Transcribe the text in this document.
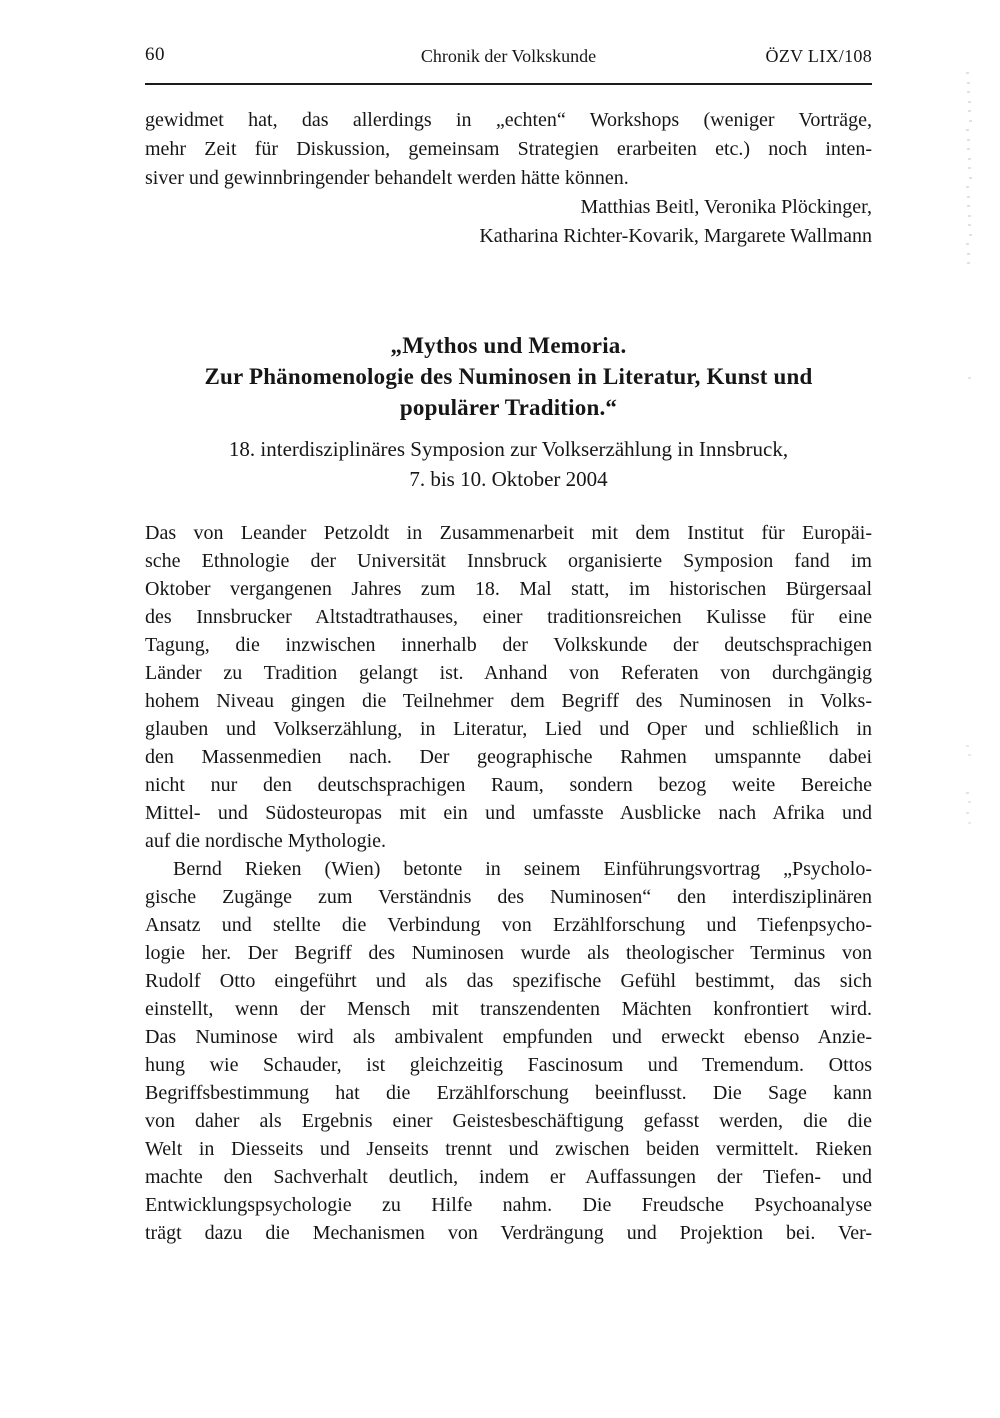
60	Chronik der Volkskunde	ÖZV LIX/108
gewidmet hat, das allerdings in „echten“ Workshops (weniger Vorträge,
mehr Zeit für Diskussion, gemeinsam Strategien erarbeiten etc.) noch inten-
siver und gewinnbringender behandelt werden hätte können.
Matthias Beitl, Veronika Plöckinger,
Katharina Richter-Kovarik, Margarete Wallmann
„Mythos und Memoria.
Zur Phänomenologie des Numinosen in Literatur, Kunst und
populärer Tradition.“
18. interdisziplinäres Symposion zur Volkserzählung in Innsbruck,
7. bis 10. Oktober 2004
Das von Leander Petzoldt in Zusammenarbeit mit dem Institut für Europäi-
sche Ethnologie der Universität Innsbruck organisierte Symposion fand im
Oktober vergangenen Jahres zum 18. Mal statt, im historischen Bürgersaal
des Innsbrucker Altstadtrathauses, einer traditionsreichen Kulisse für eine
Tagung, die inzwischen innerhalb der Volkskunde der deutschsprachigen
Länder zu Tradition gelangt ist. Anhand von Referaten von durchgängig
hohem Niveau gingen die Teilnehmer dem Begriff des Numinosen in Volks-
glauben und Volkserzählung, in Literatur, Lied und Oper und schließlich in
den Massenmedien nach. Der geographische Rahmen umspannte dabei
nicht nur den deutschsprachigen Raum, sondern bezog weite Bereiche
Mittel- und Südosteuropas mit ein und umfasste Ausblicke nach Afrika und
auf die nordische Mythologie.
Bernd Rieken (Wien) betonte in seinem Einführungsvortrag „Psycholo-
gische Zugänge zum Verständnis des Numinosen“ den interdisziplinären
Ansatz und stellte die Verbindung von Erzählforschung und Tiefenpsycho-
logie her. Der Begriff des Numinosen wurde als theologischer Terminus von
Rudolf Otto eingeführt und als das spezifische Gefühl bestimmt, das sich
einstellt, wenn der Mensch mit transzendenten Mächten konfrontiert wird.
Das Numinose wird als ambivalent empfunden und erweckt ebenso Anzie-
hung wie Schauder, ist gleichzeitig Fascinosum und Tremendum. Ottos
Begriffsbestimmung hat die Erzählforschung beeinflusst. Die Sage kann
von daher als Ergebnis einer Geistesbeschäftigung gefasst werden, die die
Welt in Diesseits und Jenseits trennt und zwischen beiden vermittelt. Rieken
machte den Sachverhalt deutlich, indem er Auffassungen der Tiefen- und
Entwicklungspsychologie zu Hilfe nahm. Die Freudsche Psychoanalyse
trägt dazu die Mechanismen von Verdrängung und Projektion bei. Ver-
